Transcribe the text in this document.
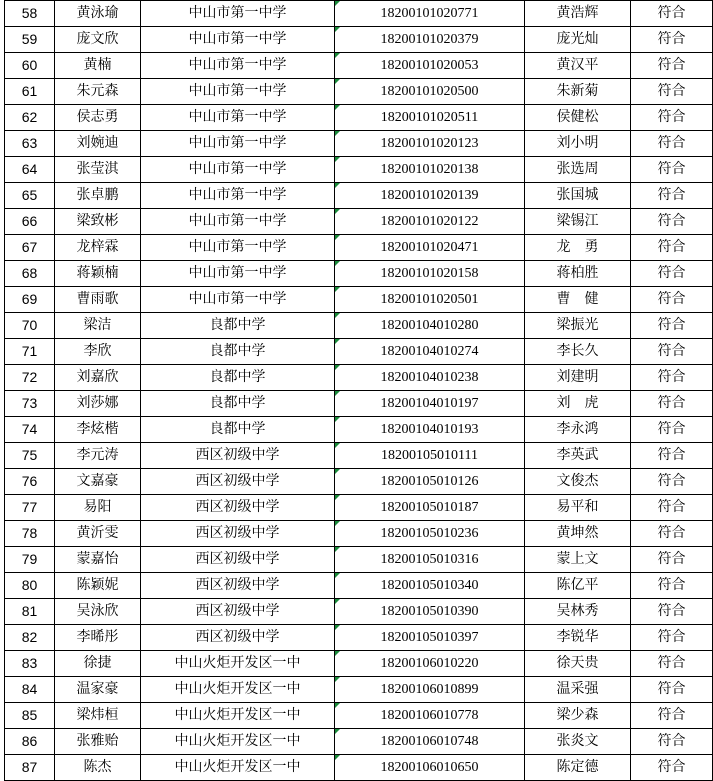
58	黄泳瑜	中山市第一中学	18200101020771	黄浩辉	符合
59	庞文欣	中山市第一中学	18200101020379	庞光灿	符合
60	黄楠	中山市第一中学	18200101020053	黄汉平	符合
61	朱元森	中山市第一中学	18200101020500	朱新菊	符合
62	侯志勇	中山市第一中学	18200101020511	侯健松	符合
63	刘婉迪	中山市第一中学	18200101020123	刘小明	符合
64	张莹淇	中山市第一中学	18200101020138	张选周	符合
65	张卓鹏	中山市第一中学	18200101020139	张国城	符合
66	梁致彬	中山市第一中学	18200101020122	梁锡江	符合
67	龙梓霖	中山市第一中学	18200101020471	龙　勇	符合
68	蒋颖楠	中山市第一中学	18200101020158	蒋柏胜	符合
69	曹雨歌	中山市第一中学	18200101020501	曹　健	符合
70	梁洁	良都中学	18200104010280	梁振光	符合
71	李欣	良都中学	18200104010274	李长久	符合
72	刘嘉欣	良都中学	18200104010238	刘建明	符合
73	刘莎娜	良都中学	18200104010197	刘　虎	符合
74	李炫楷	良都中学	18200104010193	李永鸿	符合
75	李元涛	西区初级中学	18200105010111	李英武	符合
76	文嘉豪	西区初级中学	18200105010126	文俊杰	符合
77	易阳	西区初级中学	18200105010187	易平和	符合
78	黄沂雯	西区初级中学	18200105010236	黄坤然	符合
79	蒙嘉怡	西区初级中学	18200105010316	蒙上文	符合
80	陈颖妮	西区初级中学	18200105010340	陈亿平	符合
81	吴泳欣	西区初级中学	18200105010390	吴林秀	符合
82	李晞彤	西区初级中学	18200105010397	李锐华	符合
83	徐捷	中山火炬开发区一中	18200106010220	徐天贵	符合
84	温家豪	中山火炬开发区一中	18200106010899	温采强	符合
85	梁炜桓	中山火炬开发区一中	18200106010778	梁少森	符合
86	张雅贻	中山火炬开发区一中	18200106010748	张炎文	符合
87	陈杰	中山火炬开发区一中	18200106010650	陈定德	符合
